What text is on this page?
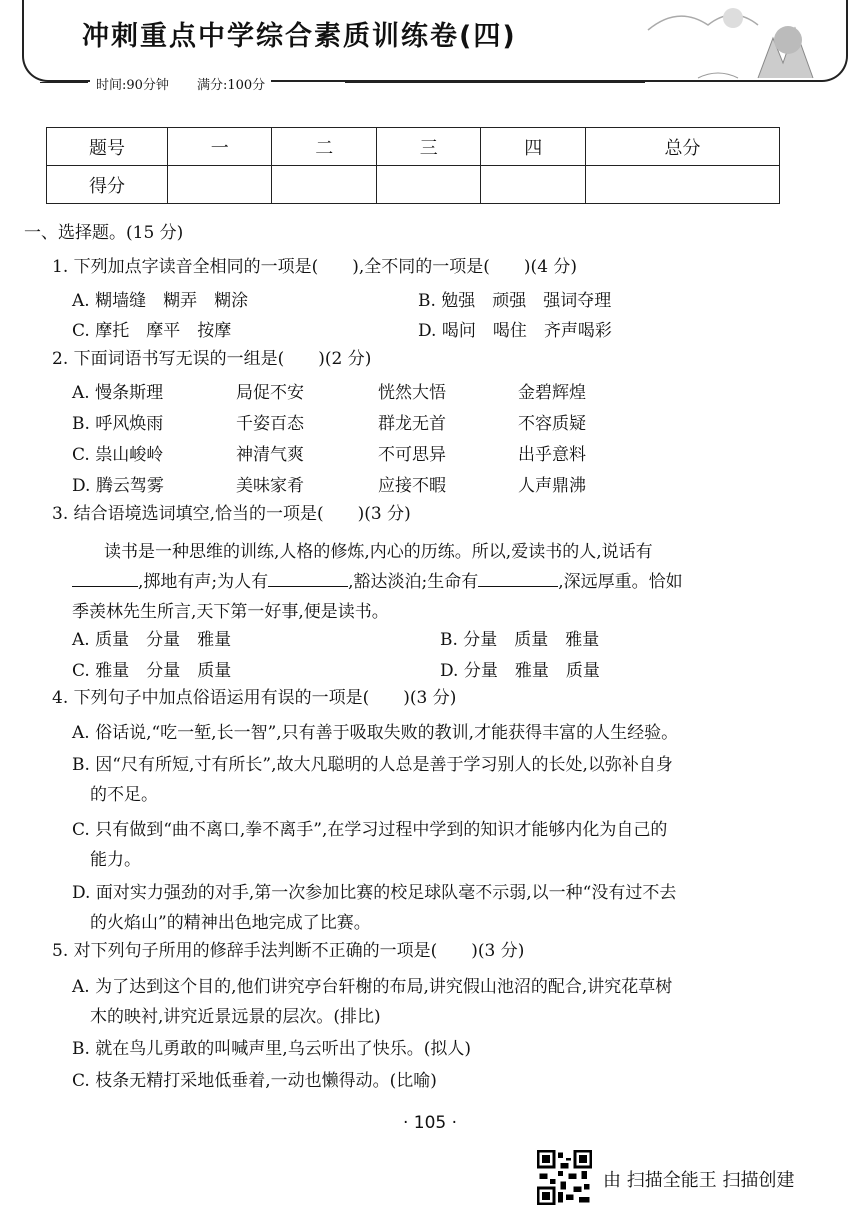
冲刺重点中学综合素质训练卷(四)
时间:90分钟 满分:100分
题号	一	二	三	四	总分
得分					
一、选择题。(15 分)
1. 下列加点字读音全相同的一项是(　　),全不同的一项是(　　)(4 分)
A. 糊墙缝　糊弄　糊涂	B. 勉强　顽强　强词夺理
C. 摩托　摩平　按摩	D. 喝问　喝住　齐声喝彩
2. 下面词语书写无误的一组是(　　)(2 分)
A. 慢条斯理	局促不安	恍然大悟	金碧辉煌
B. 呼风焕雨	千姿百态	群龙无首	不容质疑
C. 祟山峻岭	神清气爽	不可思异	出乎意料
D. 腾云驾雾	美味家肴	应接不暇	人声鼎沸
3. 结合语境选词填空,恰当的一项是(　　)(3 分)
读书是一种思维的训练,人格的修炼,内心的历练。所以,爱读书的人,说话有
,掷地有声;为人有	,豁达淡泊;生命有	,深远厚重。恰如
季羡林先生所言,天下第一好事,便是读书。
A. 质量　分量　雅量	B. 分量　质量　雅量
C. 雅量　分量　质量	D. 分量　雅量　质量
4. 下列句子中加点俗语运用有误的一项是(　　)(3 分)
A. 俗话说,“吃一堑,长一智”,只有善于吸取失败的教训,才能获得丰富的人生经验。
B. 因“尺有所短,寸有所长”,故大凡聪明的人总是善于学习别人的长处,以弥补自身
的不足。
C. 只有做到“曲不离口,拳不离手”,在学习过程中学到的知识才能够内化为自己的
能力。
D. 面对实力强劲的对手,第一次参加比赛的校足球队毫不示弱,以一种“没有过不去
的火焰山”的精神出色地完成了比赛。
5. 对下列句子所用的修辞手法判断不正确的一项是(　　)(3 分)
A. 为了达到这个目的,他们讲究亭台轩榭的布局,讲究假山池沼的配合,讲究花草树
木的映衬,讲究近景远景的层次。(排比)
B. 就在鸟儿勇敢的叫喊声里,乌云听出了快乐。(拟人)
C. 枝条无精打采地低垂着,一动也懒得动。(比喻)
· 105 ·
由 扫描全能王 扫描创建
